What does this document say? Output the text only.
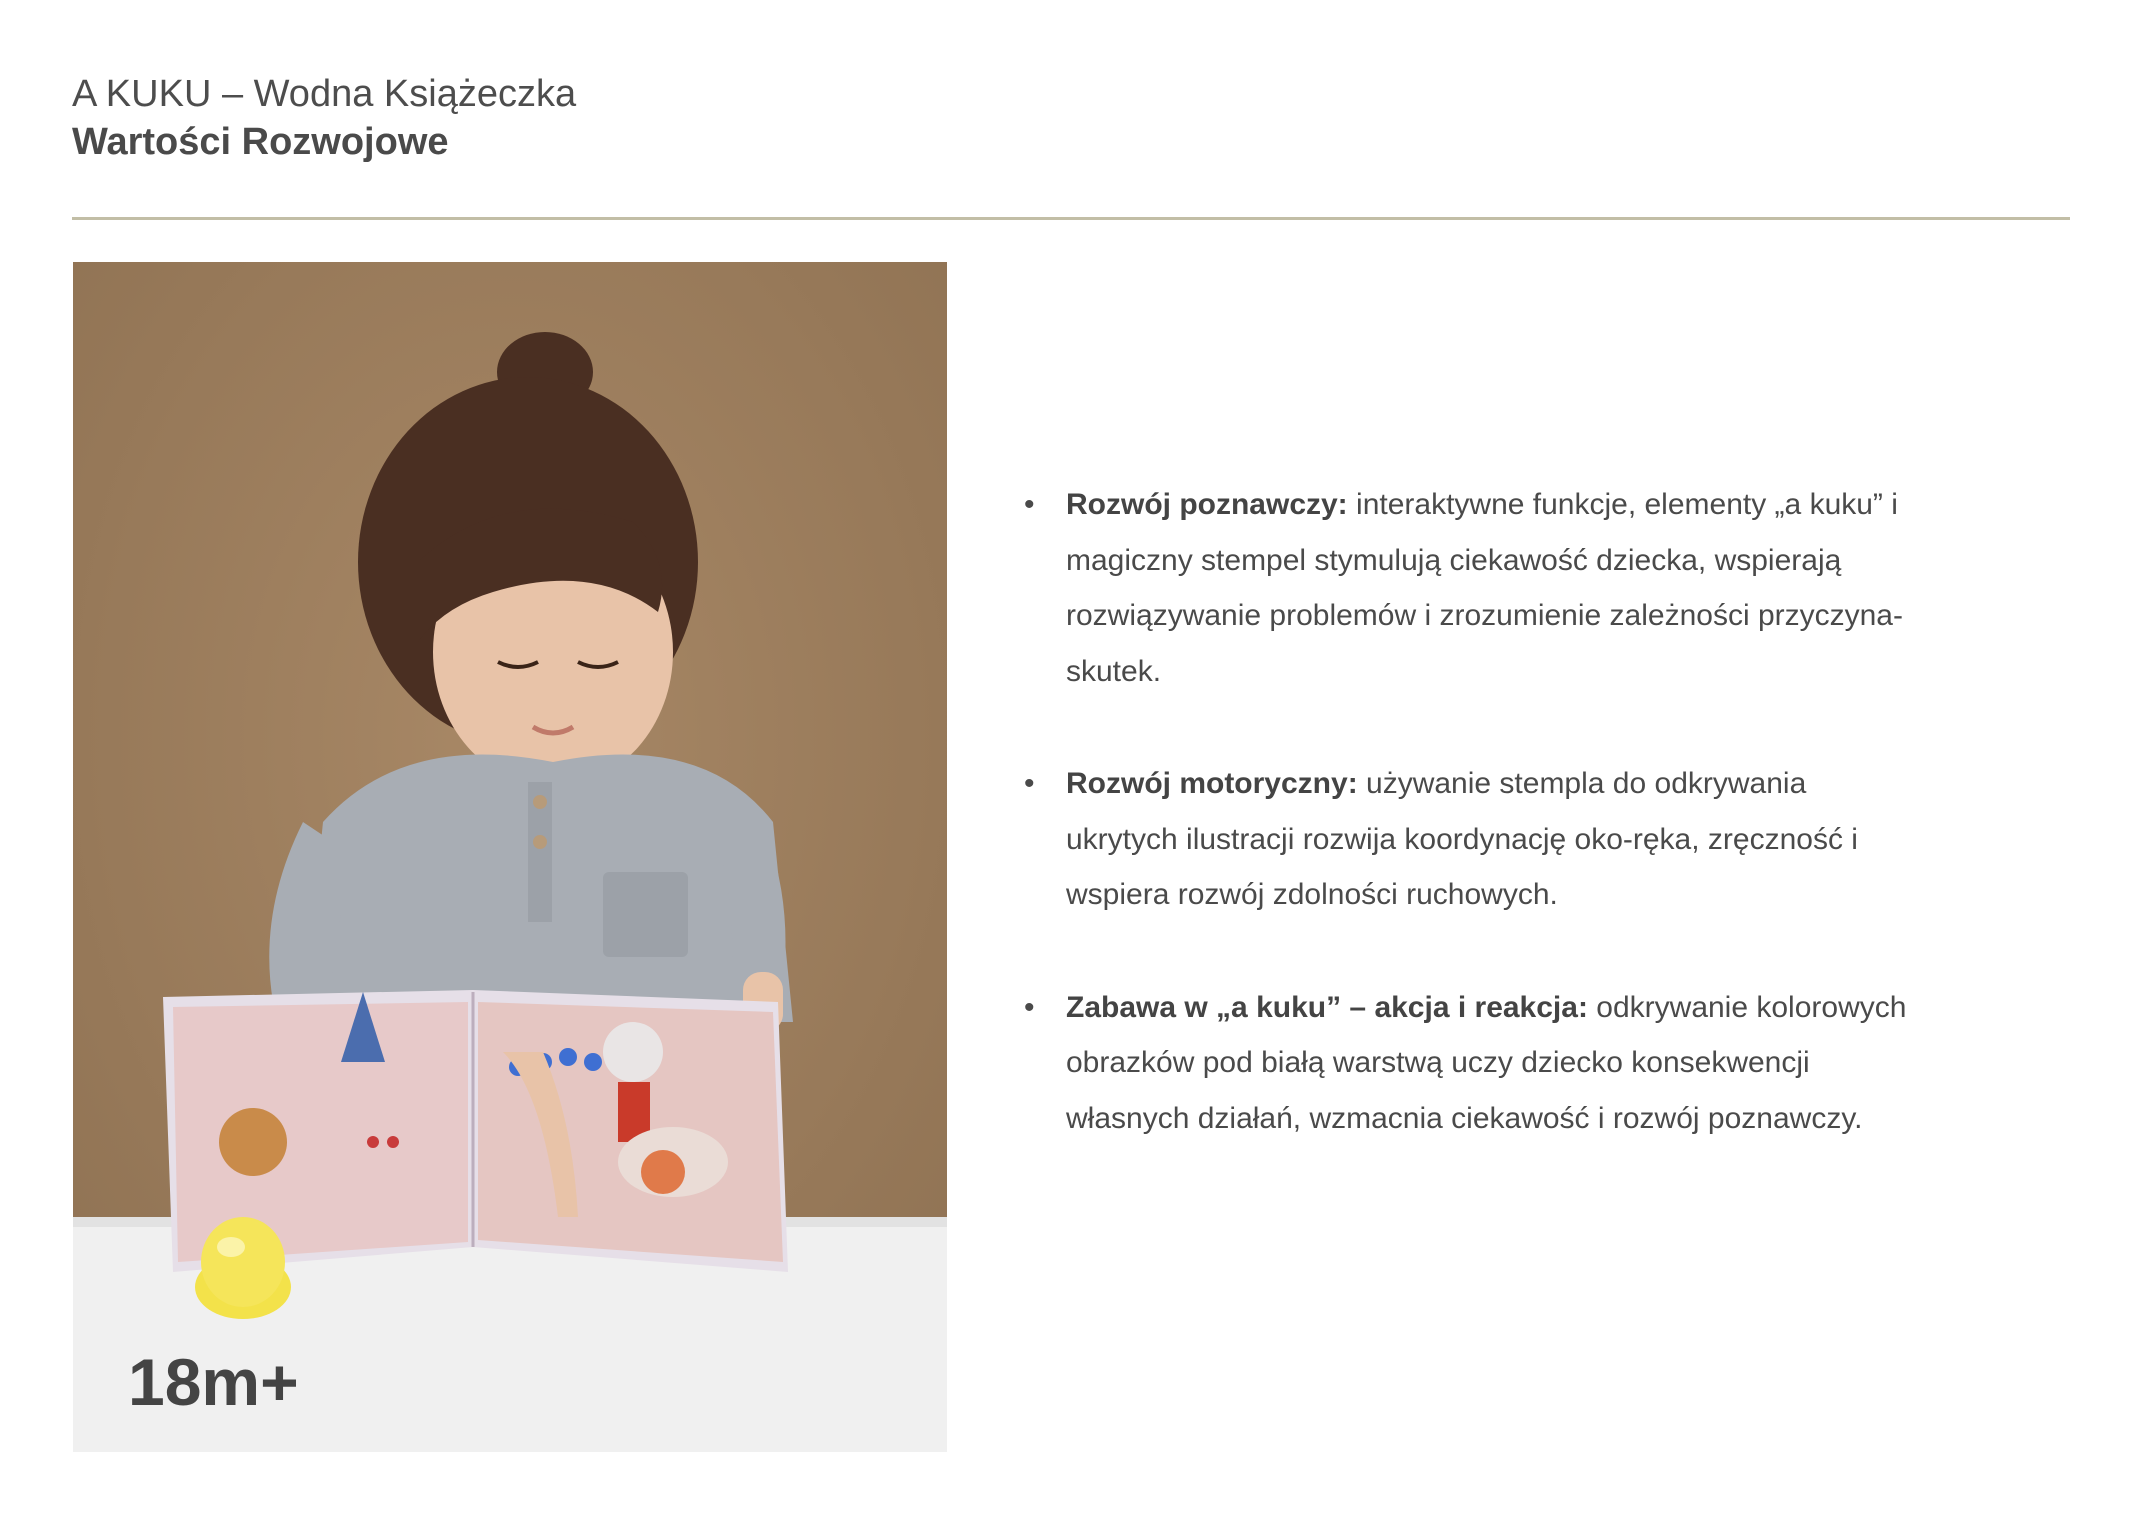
A KUKU – Wodna Książeczka
Wartości Rozwojowe
18m+
• Rozwój poznawczy: interaktywne funkcje, elementy „a kuku” i
magiczny stempel stymulują ciekawość dziecka, wspierają
rozwiązywanie problemów i zrozumienie zależności przyczyna-
skutek.
• Rozwój motoryczny: używanie stempla do odkrywania
ukrytych ilustracji rozwija koordynację oko-ręka, zręczność i
wspiera rozwój zdolności ruchowych.
• Zabawa w „a kuku” – akcja i reakcja: odkrywanie kolorowych
obrazków pod białą warstwą uczy dziecko konsekwencji
własnych działań, wzmacnia ciekawość i rozwój poznawczy.
